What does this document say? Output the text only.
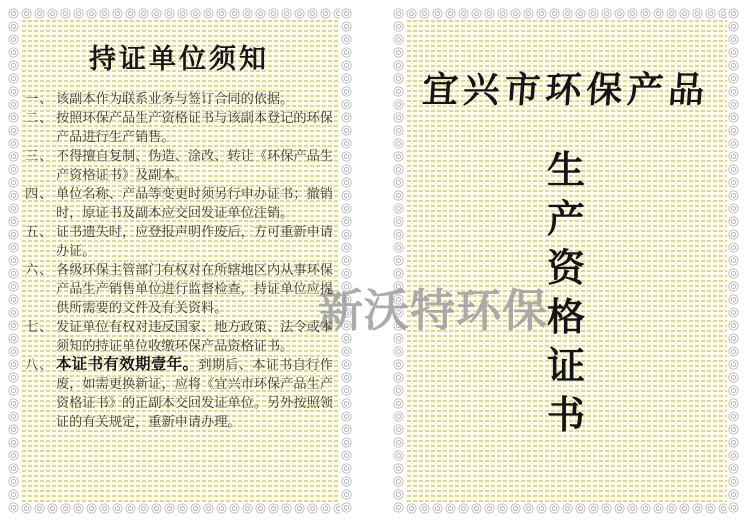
持证单位须知
一、 该副本作为联系业务与签订合同的依据。
二、 按照环保产品生产资格证书与该副本登记的环保产品进行生产销售。
三、 不得擅自复制、伪造、涂改、转让《环保产品生产资格证书》及副本。
四、 单位名称、产品等变更时须另行申办证书；撤销时，原证书及副本应交回发证单位注销。
五、 证书遗失时，应登报声明作废后，方可重新申请办证。
六、 各级环保主管部门有权对在所辖地区内从事环保产品生产销售单位进行监督检查，持证单位应提供所需要的文件及有关资料。
七、 发证单位有权对违反国家、地方政策、法令或本须知的持证单位收缴环保产品资格证书。
八、 本证书有效期壹年。到期后、本证书自行作废，如需更换新证，应将《宜兴市环保产品生产资格证书》的正副本交回发证单位。另外按照领证的有关规定，重新申请办理。
宜兴市环保产品
生
产
资
格
证
书
新沃特环保
